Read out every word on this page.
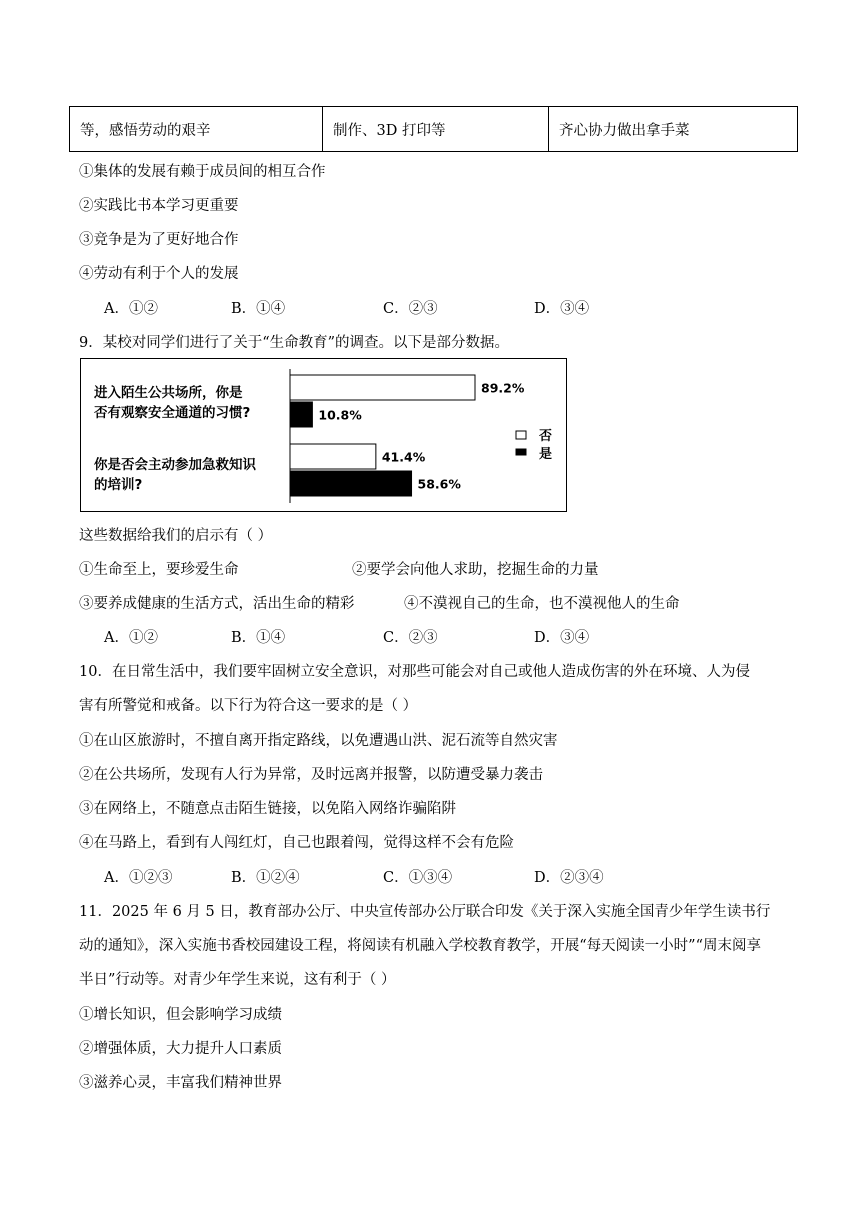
等，感悟劳动的艰辛	制作、3D 打印等	齐心协力做出拿手菜
①集体的发展有赖于成员间的相互合作
②实践比书本学习更重要
③竞争是为了更好地合作
④劳动有利于个人的发展
A．①②	B．①④	C．②③	D．③④
9．某校对同学们进行了关于“生命教育”的调查。以下是部分数据。
进入陌生公共场所，你是
否有观察安全通道的习惯?
你是否会主动参加急救知识
的培训?
89.2%
10.8%
41.4%
58.6%
否
是
这些数据给我们的启示有（ ）
①生命至上，要珍爱生命	②要学会向他人求助，挖掘生命的力量
③要养成健康的生活方式，活出生命的精彩	④不漠视自己的生命，也不漠视他人的生命
A．①②	B．①④	C．②③	D．③④
10．在日常生活中，我们要牢固树立安全意识，对那些可能会对自己或他人造成伤害的外在环境、人为侵
害有所警觉和戒备。以下行为符合这一要求的是（ ）
①在山区旅游时，不擅自离开指定路线，以免遭遇山洪、泥石流等自然灾害
②在公共场所，发现有人行为异常，及时远离并报警，以防遭受暴力袭击
③在网络上，不随意点击陌生链接，以免陷入网络诈骗陷阱
④在马路上，看到有人闯红灯，自己也跟着闯，觉得这样不会有危险
A．①②③	B．①②④	C．①③④	D．②③④
11．2025 年 6 月 5 日，教育部办公厅、中央宣传部办公厅联合印发《关于深入实施全国青少年学生读书行
动的通知》，深入实施书香校园建设工程，将阅读有机融入学校教育教学，开展“每天阅读一小时”“周末阅享
半日”行动等。对青少年学生来说，这有利于（ ）
①增长知识，但会影响学习成绩
②增强体质，大力提升人口素质
③滋养心灵，丰富我们精神世界
